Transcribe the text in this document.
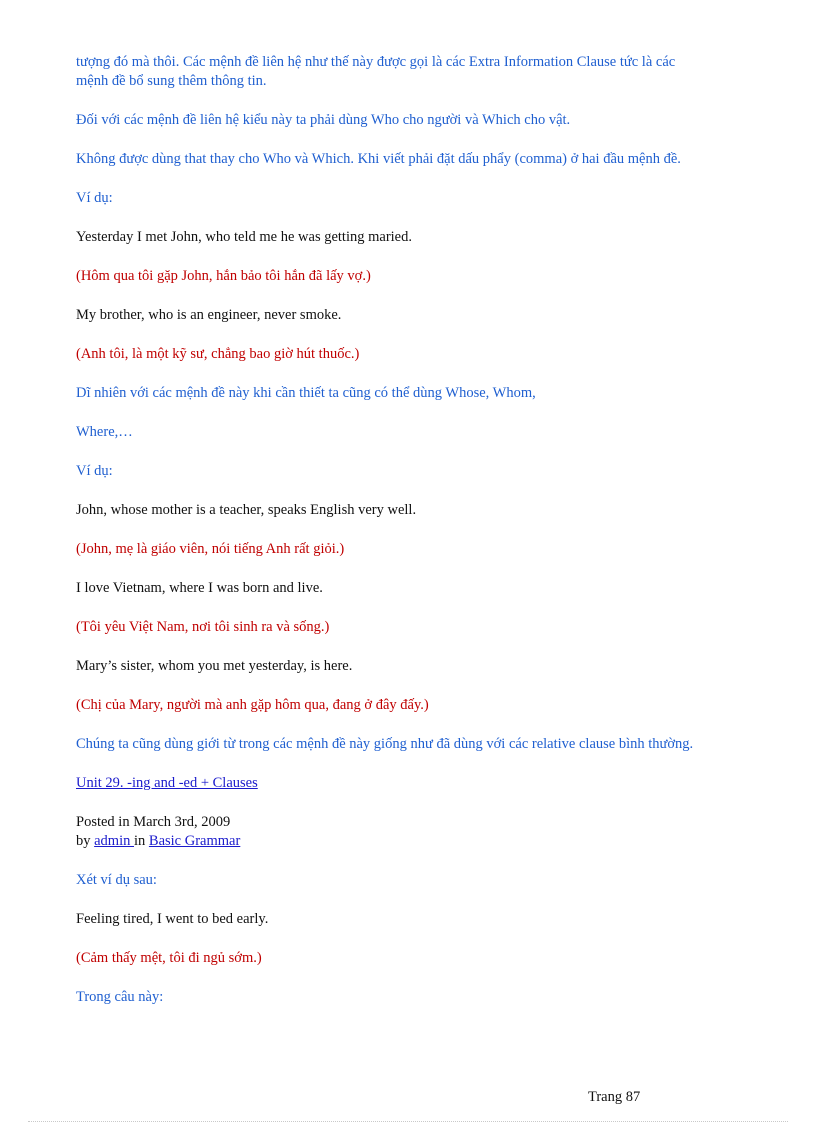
tượng đó mà thôi. Các mệnh đề liên hệ như thế này được gọi là các Extra Information Clause tức là các mệnh đề bổ sung thêm thông tin.

Đối với các mệnh đề liên hệ kiểu này ta phải dùng Who cho người và Which cho vật.

Không được dùng that thay cho Who và Which. Khi viết phải đặt dấu phẩy (comma) ở hai đầu mệnh đề.

Ví dụ:

Yesterday I met John, who teld me he was getting maried.

(Hôm qua tôi gặp John, hắn bảo tôi hắn đã lấy vợ.)

My brother, who is an engineer, never smoke.

(Anh tôi, là một kỹ sư, chẳng bao giờ hút thuốc.)

Dĩ nhiên với các mệnh đề này khi cần thiết ta cũng có thể dùng Whose, Whom,

Where,…

Ví dụ:

John, whose mother is a teacher, speaks English very well.

(John, mẹ là giáo viên, nói tiếng Anh rất giỏi.)

I love Vietnam, where I was born and live.

(Tôi yêu Việt Nam, nơi tôi sinh ra và sống.)

Mary’s sister, whom you met yesterday, is here.

(Chị của Mary, người mà anh gặp hôm qua, đang ở đây đấy.)

Chúng ta cũng dùng giới từ trong các mệnh đề này giống như đã dùng với các relative clause bình thường.

Unit 29. -ing and -ed + Clauses

Posted in March 3rd, 2009
by admin in Basic Grammar

Xét ví dụ sau:

Feeling tired, I went to bed early.

(Cảm thấy mệt, tôi đi ngủ sớm.)

Trong câu này:

Trang 87
